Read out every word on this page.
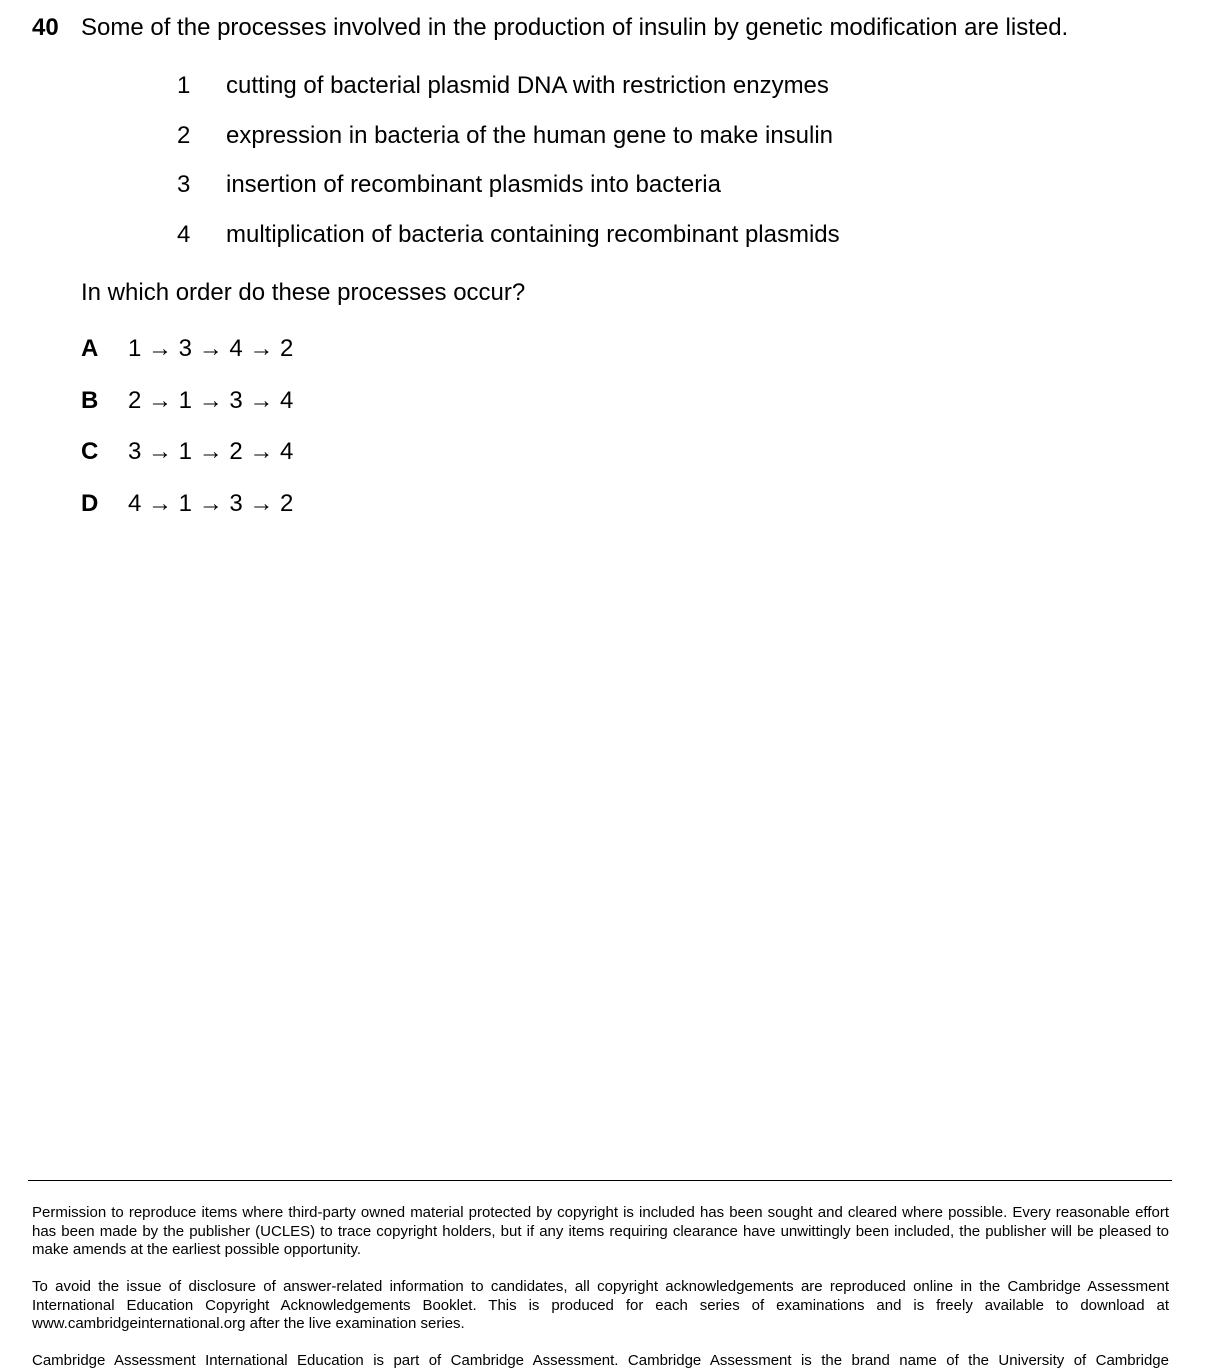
40 Some of the processes involved in the production of insulin by genetic modification are listed.
1 cutting of bacterial plasmid DNA with restriction enzymes
2 expression in bacteria of the human gene to make insulin
3 insertion of recombinant plasmids into bacteria
4 multiplication of bacteria containing recombinant plasmids
In which order do these processes occur?
A 1 → 3 → 4 → 2
B 2 → 1 → 3 → 4
C 3 → 1 → 2 → 4
D 4 → 1 → 3 → 2
Permission to reproduce items where third-party owned material protected by copyright is included has been sought and cleared where possible. Every reasonable effort has been made by the publisher (UCLES) to trace copyright holders, but if any items requiring clearance have unwittingly been included, the publisher will be pleased to make amends at the earliest possible opportunity.
To avoid the issue of disclosure of answer-related information to candidates, all copyright acknowledgements are reproduced online in the Cambridge Assessment International Education Copyright Acknowledgements Booklet. This is produced for each series of examinations and is freely available to download at www.cambridgeinternational.org after the live examination series.
Cambridge Assessment International Education is part of Cambridge Assessment. Cambridge Assessment is the brand name of the University of Cambridge
